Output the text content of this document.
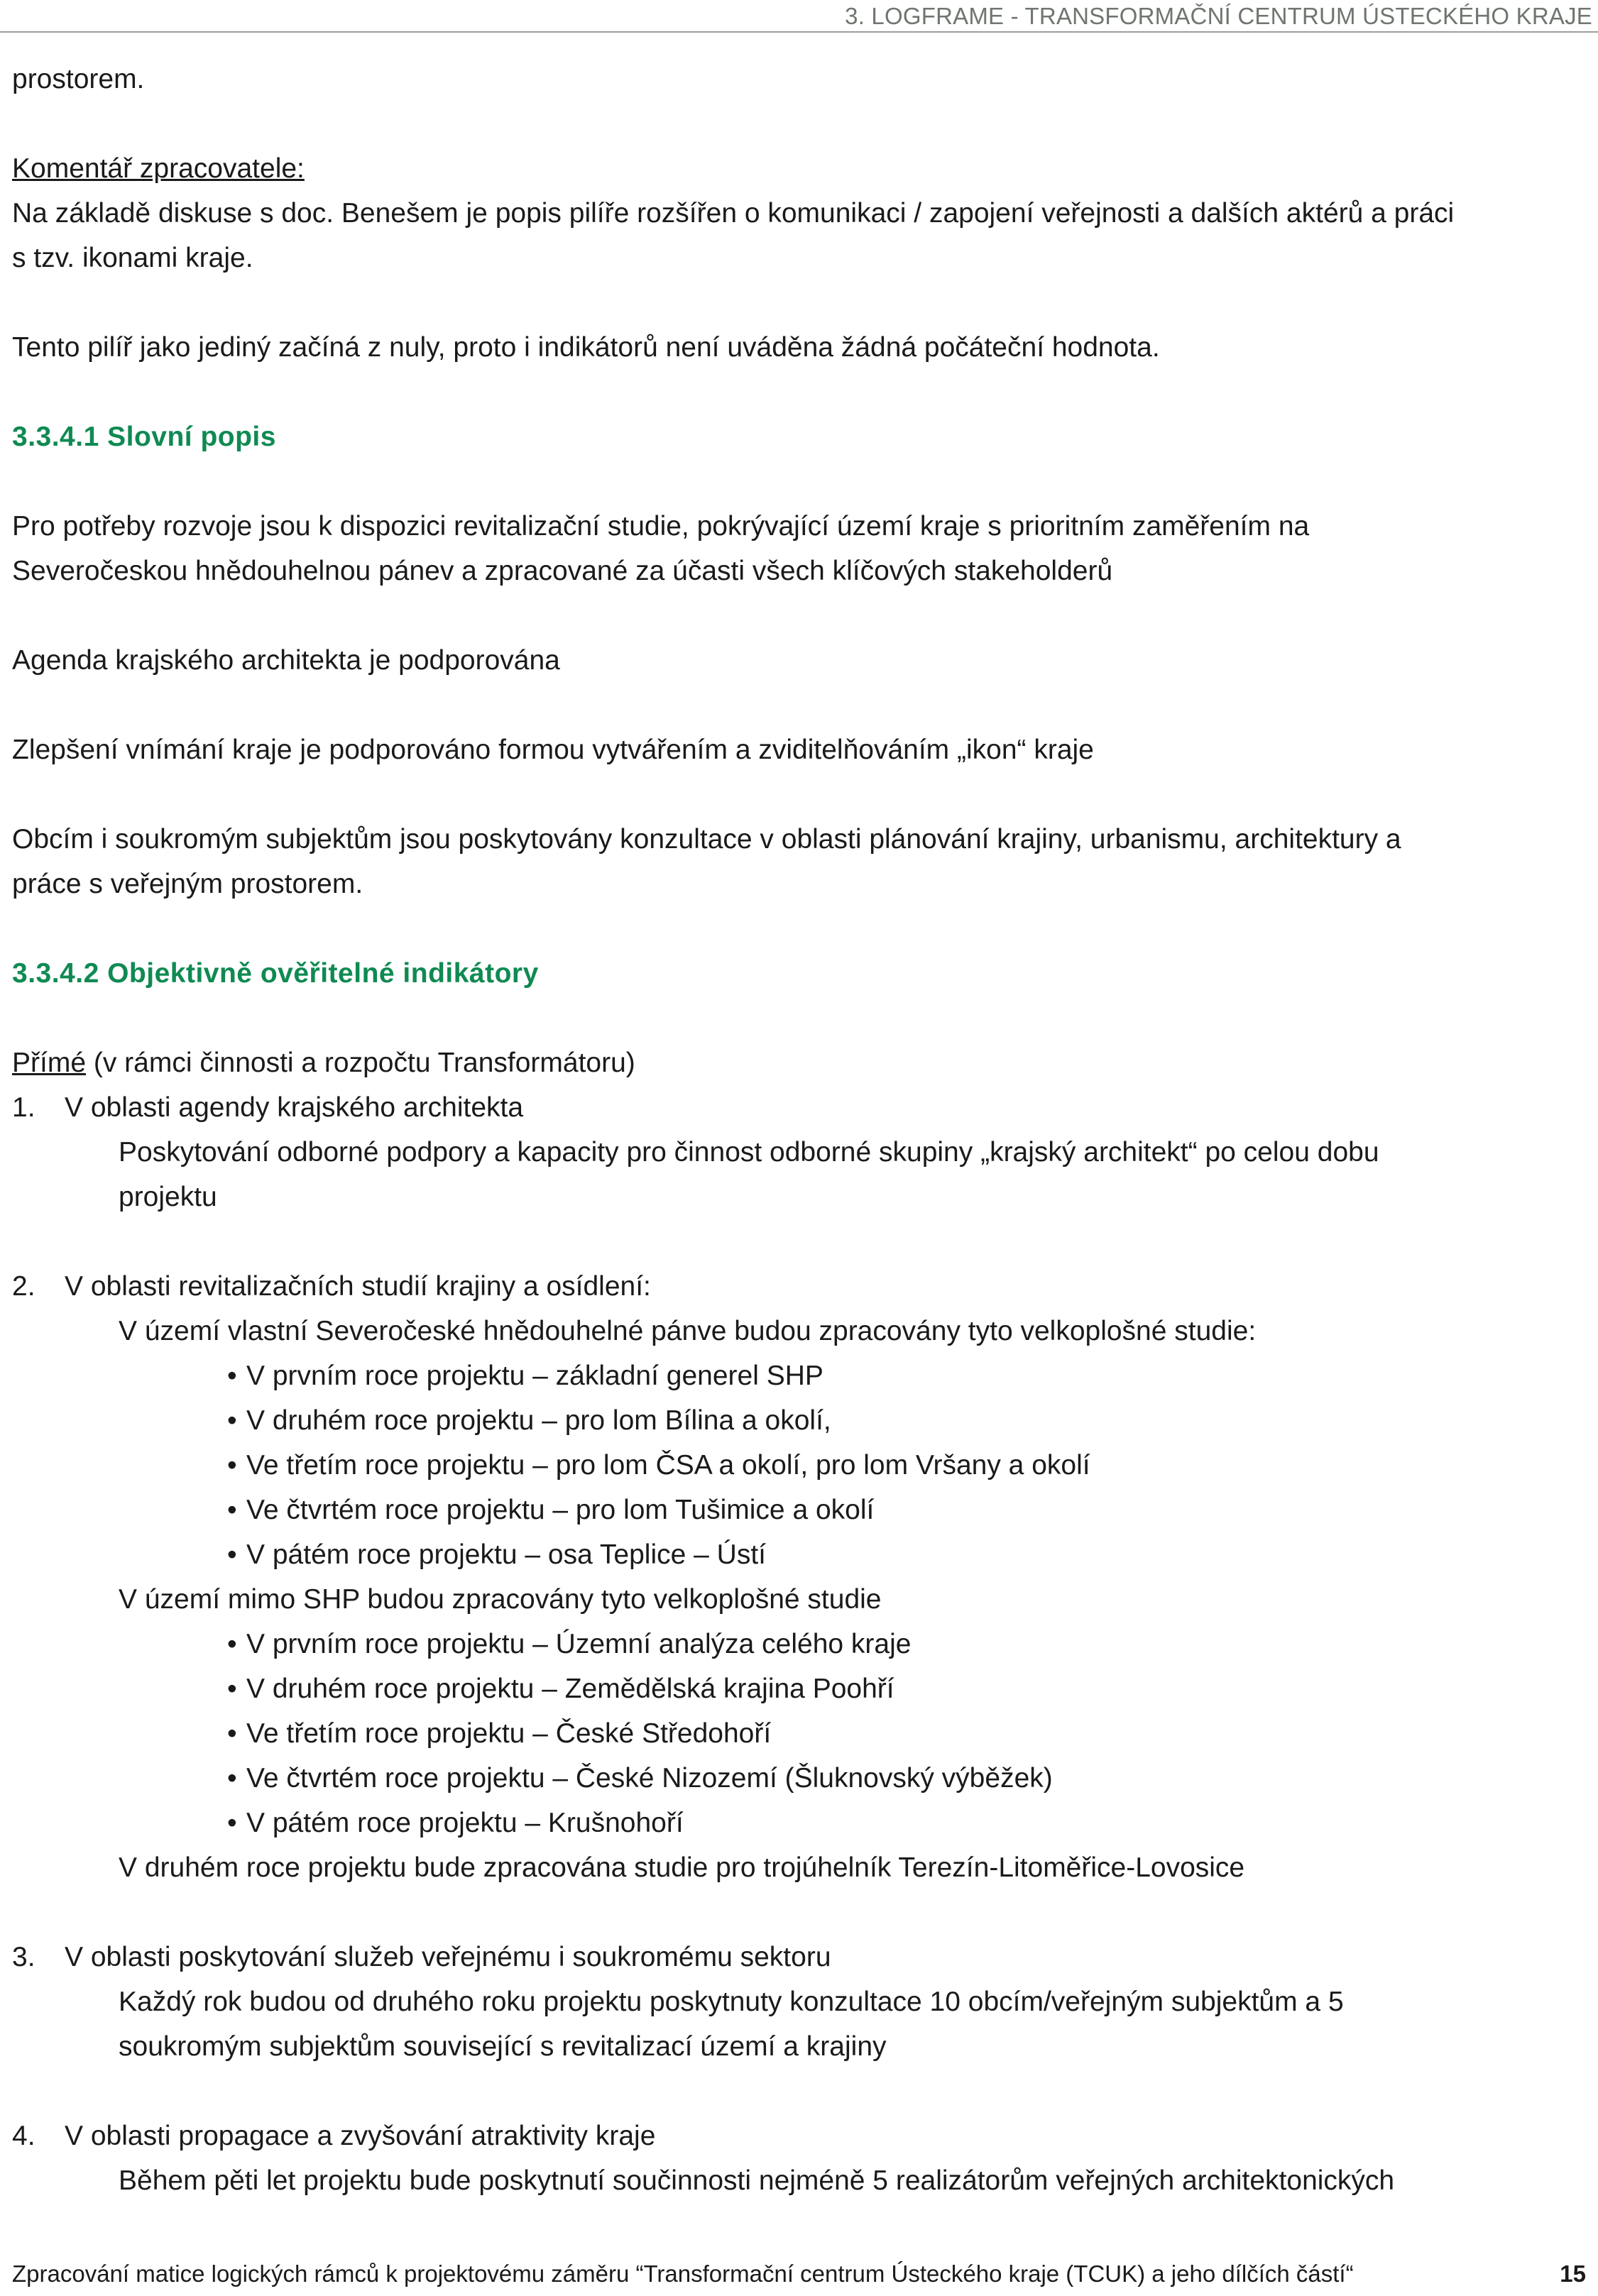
3. LOGFRAME - TRANSFORMAČNÍ CENTRUM ÚSTECKÉHO KRAJE

prostorem.

Komentář zpracovatele:

Na základě diskuse s doc. Benešem je popis pilíře rozšířen o komunikaci / zapojení veřejnosti a dalších aktérů a práci

s tzv. ikonami kraje.

Tento pilíř jako jediný začíná z nuly, proto i indikátorů není uváděna žádná počáteční hodnota.

3.3.4.1 Slovní popis

Pro potřeby rozvoje jsou k dispozici revitalizační studie, pokrývající území kraje s prioritním zaměřením na

Severočeskou hnědouhelnou pánev a zpracované za účasti všech klíčových stakeholderů

Agenda krajského architekta je podporována

Zlepšení vnímání kraje je podporováno formou vytvářením a zviditelňováním „ikon“ kraje

Obcím i soukromým subjektům jsou poskytovány konzultace v oblasti plánování krajiny, urbanismu, architektury a

práce s veřejným prostorem.

3.3.4.2 Objektivně ověřitelné indikátory

Přímé (v rámci činnosti a rozpočtu Transformátoru)

1.	V oblasti agendy krajského architekta

Poskytování odborné podpory a kapacity pro činnost odborné skupiny „krajský architekt“ po celou dobu

projektu

2.	V oblasti revitalizačních studií krajiny a osídlení:

V území vlastní Severočeské hnědouhelné pánve budou zpracovány tyto velkoplošné studie:

• V prvním roce projektu – základní generel SHP

• V druhém roce projektu – pro lom Bílina a okolí,

• Ve třetím roce projektu – pro lom ČSA a okolí, pro lom Vršany a okolí

• Ve čtvrtém roce projektu – pro lom Tušimice a okolí

• V pátém roce projektu – osa Teplice – Ústí

V území mimo SHP budou zpracovány tyto velkoplošné studie

• V prvním roce projektu – Územní analýza celého kraje

• V druhém roce projektu – Zemědělská krajina Poohří

• Ve třetím roce projektu – České Středohoří

• Ve čtvrtém roce projektu – České Nizozemí (Šluknovský výběžek)

• V pátém roce projektu – Krušnohoří

V druhém roce projektu bude zpracována studie pro trojúhelník Terezín-Litoměřice-Lovosice

3.	V oblasti poskytování služeb veřejnému i soukromému sektoru

Každý rok budou od druhého roku projektu poskytnuty konzultace 10 obcím/veřejným subjektům a 5

soukromým subjektům související s revitalizací území a krajiny

4.	V oblasti propagace a zvyšování atraktivity kraje

Během pěti let projektu bude poskytnutí součinnosti nejméně 5 realizátorům veřejných architektonických

Zpracování matice logických rámců k projektovému záměru “Transformační centrum Ústeckého kraje (TCUK) a jeho dílčích částí“	15
